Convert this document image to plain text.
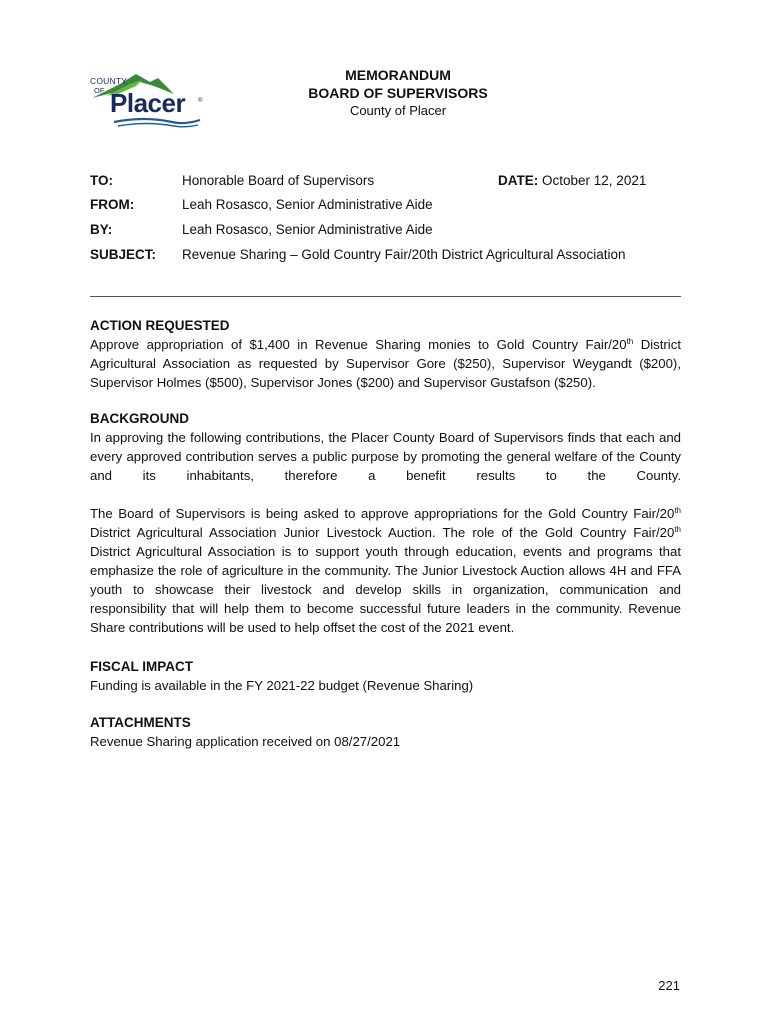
COUNTY
OF Placer ®
MEMORANDUM
BOARD OF SUPERVISORS
County of Placer
TO:	Honorable Board of Supervisors	DATE: October 12, 2021
FROM:	Leah Rosasco, Senior Administrative Aide
BY:	Leah Rosasco, Senior Administrative Aide
SUBJECT: Revenue Sharing – Gold Country Fair/20th District Agricultural Association
ACTION REQUESTED

Approve appropriation of $1,400 in Revenue Sharing monies to Gold Country Fair/20th District Agricultural Association as requested by Supervisor Gore ($250), Supervisor Weygandt ($200), Supervisor Holmes ($500), Supervisor Jones ($200) and Supervisor Gustafson ($250).

BACKGROUND

In approving the following contributions, the Placer County Board of Supervisors finds that each and every approved contribution serves a public purpose by promoting the general welfare of the County and its inhabitants, therefore a benefit results to the County.

The Board of Supervisors is being asked to approve appropriations for the Gold Country Fair/20th District Agricultural Association Junior Livestock Auction. The role of the Gold Country Fair/20th District Agricultural Association is to support youth through education, events and programs that emphasize the role of agriculture in the community. The Junior Livestock Auction allows 4H and FFA youth to showcase their livestock and develop skills in organization, communication and responsibility that will help them to become successful future leaders in the community. Revenue Share contributions will be used to help offset the cost of the 2021 event.

FISCAL IMPACT

Funding is available in the FY 2021-22 budget (Revenue Sharing)

ATTACHMENTS

Revenue Sharing application received on 08/27/2021

221
